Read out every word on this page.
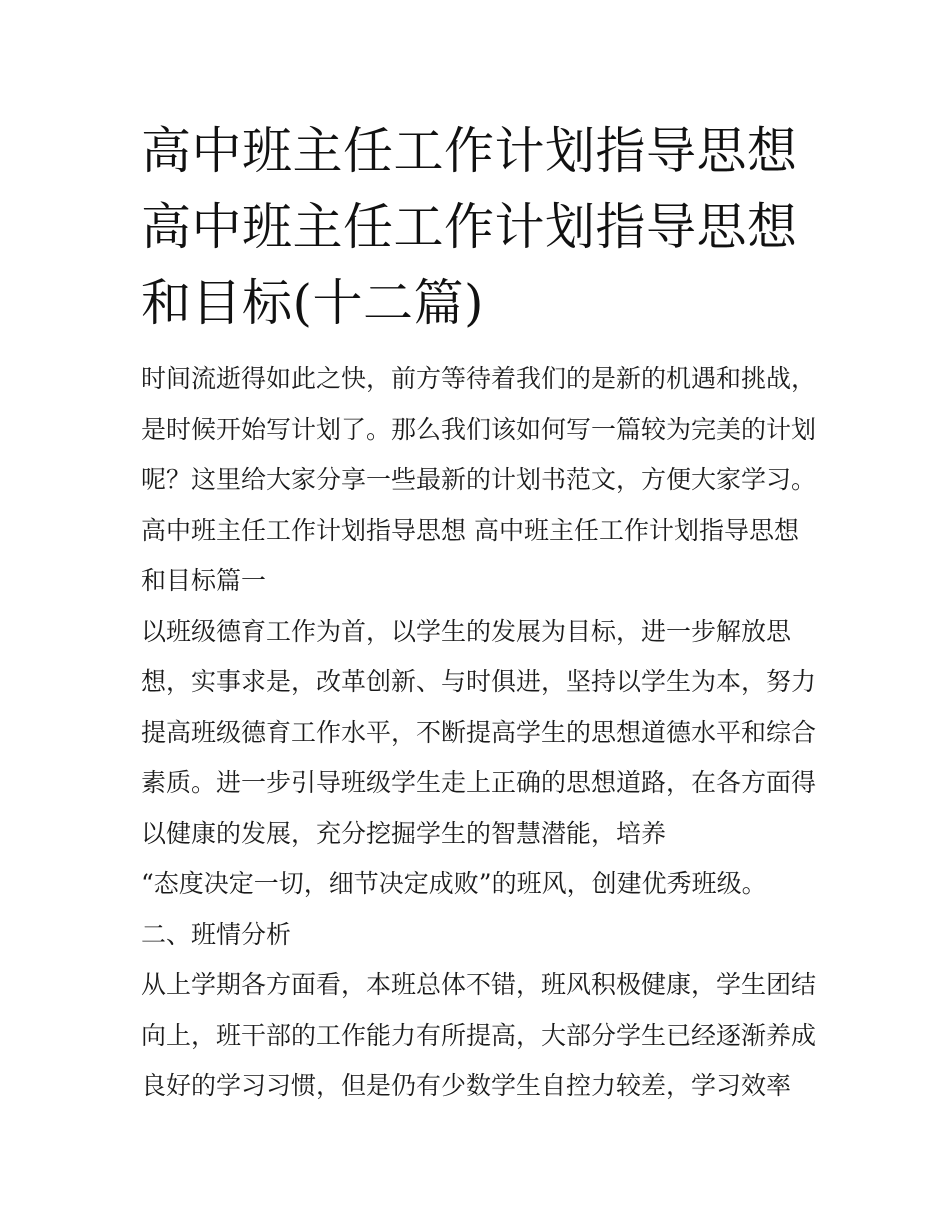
高中班主任工作计划指导思想
高中班主任工作计划指导思想
和目标(十二篇)
时间流逝得如此之快，前方等待着我们的是新的机遇和挑战，
是时候开始写计划了。那么我们该如何写一篇较为完美的计划
呢？这里给大家分享一些最新的计划书范文，方便大家学习。
高中班主任工作计划指导思想 高中班主任工作计划指导思想
和目标篇一
以班级德育工作为首，以学生的发展为目标，进一步解放思
想，实事求是，改革创新、与时俱进，坚持以学生为本，努力
提高班级德育工作水平，不断提高学生的思想道德水平和综合
素质。进一步引导班级学生走上正确的思想道路，在各方面得
以健康的发展，充分挖掘学生的智慧潜能，培养
“态度决定一切，细节决定成败”的班风，创建优秀班级。
二、班情分析
从上学期各方面看，本班总体不错，班风积极健康，学生团结
向上，班干部的工作能力有所提高，大部分学生已经逐渐养成
良好的学习习惯，但是仍有少数学生自控力较差，学习效率
